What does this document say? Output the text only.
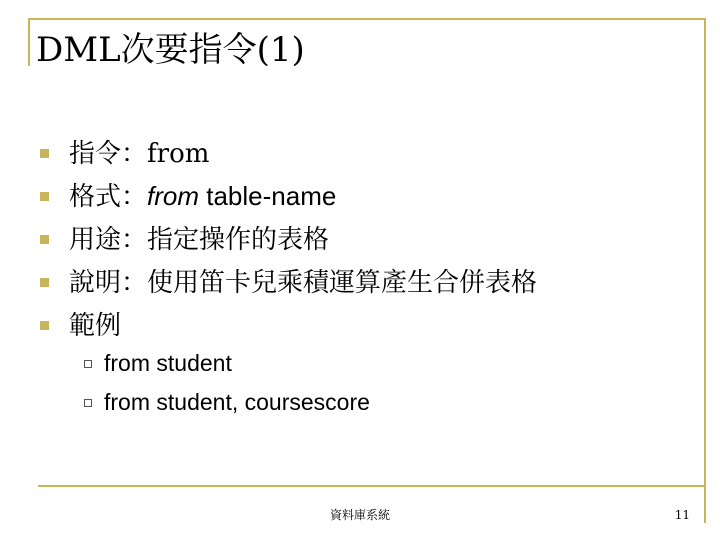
DML次要指令(1)
指令：from
格式：from table-name
用途：指定操作的表格
說明：使用笛卡兒乘積運算產生合併表格
範例
from student
from student, coursescore
資料庫系統	11
